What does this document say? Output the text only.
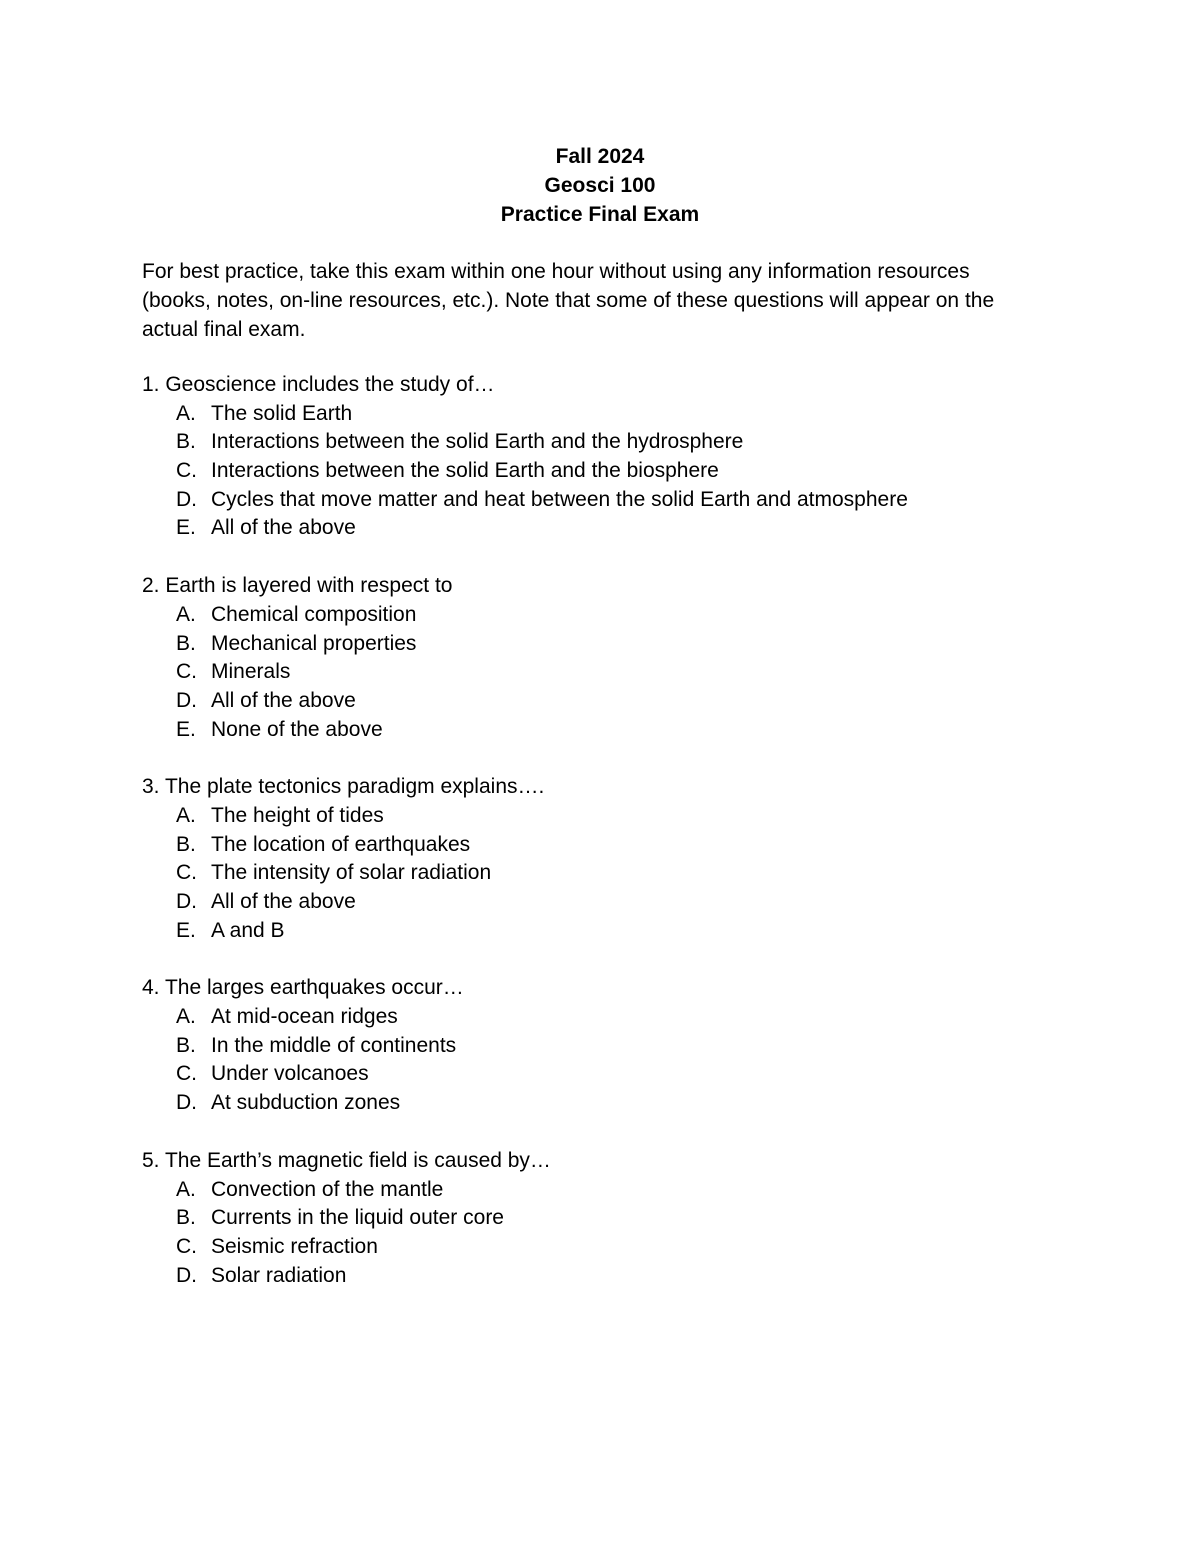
Fall 2024
Geosci 100
Practice Final Exam
For best practice, take this exam within one hour without using any information resources (books, notes, on-line resources, etc.). Note that some of these questions will appear on the actual final exam.
1. Geoscience includes the study of…
A. The solid Earth
B. Interactions between the solid Earth and the hydrosphere
C. Interactions between the solid Earth and the biosphere
D. Cycles that move matter and heat between the solid Earth and atmosphere
E. All of the above
2. Earth is layered with respect to
A. Chemical composition
B. Mechanical properties
C. Minerals
D. All of the above
E. None of the above
3. The plate tectonics paradigm explains….
A. The height of tides
B. The location of earthquakes
C. The intensity of solar radiation
D. All of the above
E. A and B
4. The larges earthquakes occur…
A. At mid-ocean ridges
B. In the middle of continents
C. Under volcanoes
D. At subduction zones
5. The Earth’s magnetic field is caused by…
A. Convection of the mantle
B. Currents in the liquid outer core
C. Seismic refraction
D. Solar radiation
